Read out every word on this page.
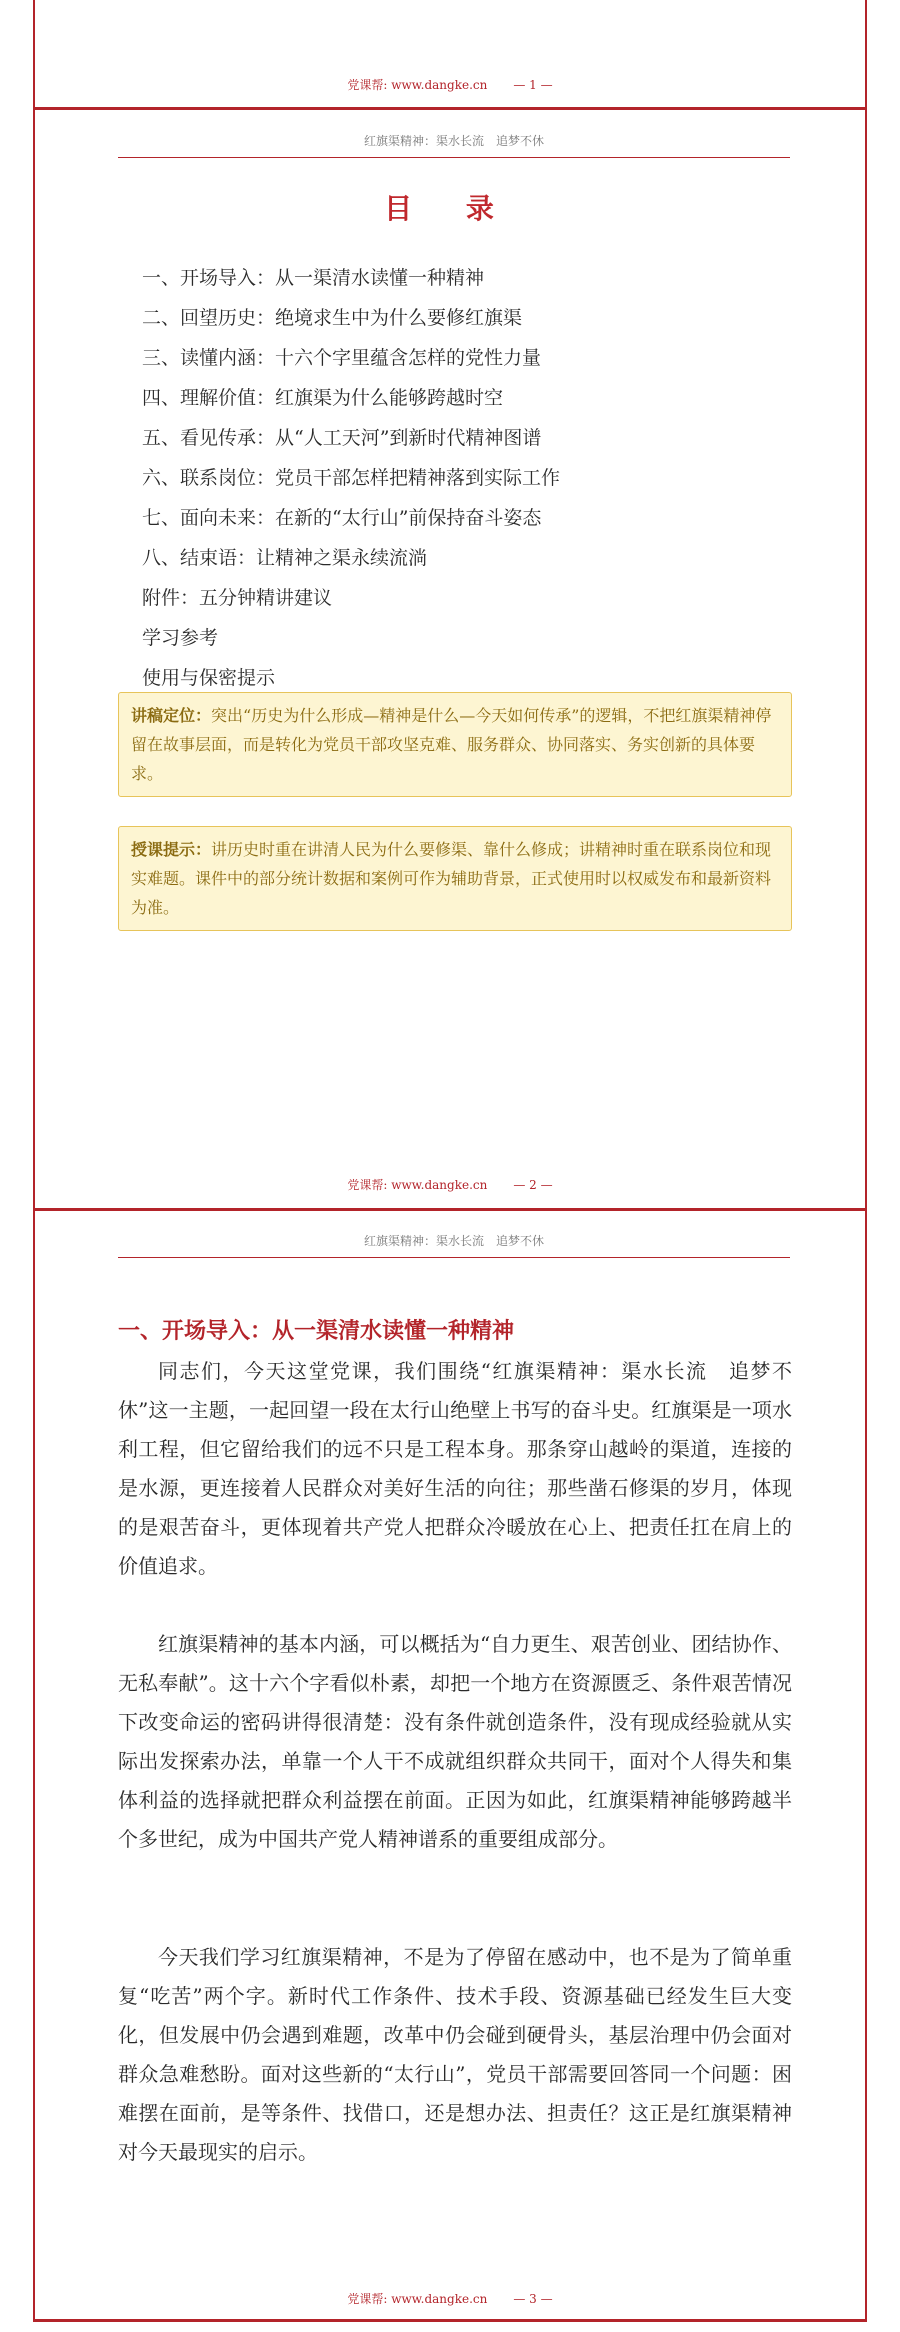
党课帮: www.dangke.cn — 1 —
红旗渠精神：渠水长流　追梦不休
目 录
一、开场导入：从一渠清水读懂一种精神
二、回望历史：绝境求生中为什么要修红旗渠
三、读懂内涵：十六个字里蕴含怎样的党性力量
四、理解价值：红旗渠为什么能够跨越时空
五、看见传承：从“人工天河”到新时代精神图谱
六、联系岗位：党员干部怎样把精神落到实际工作
七、面向未来：在新的“太行山”前保持奋斗姿态
八、结束语：让精神之渠永续流淌
附件：五分钟精讲建议
学习参考
使用与保密提示
讲稿定位：突出“历史为什么形成—精神是什么—今天如何传承”的逻辑，不把红旗渠精神停留在故事层面，而是转化为党员干部攻坚克难、服务群众、协同落实、务实创新的具体要求。
授课提示：讲历史时重在讲清人民为什么要修渠、靠什么修成；讲精神时重在联系岗位和现实难题。课件中的部分统计数据和案例可作为辅助背景，正式使用时以权威发布和最新资料为准。
党课帮: www.dangke.cn — 2 —
红旗渠精神：渠水长流　追梦不休
一、开场导入：从一渠清水读懂一种精神

同志们，今天这堂党课，我们围绕“红旗渠精神：渠水长流　追梦不休”这一主题，一起回望一段在太行山绝壁上书写的奋斗史。红旗渠是一项水利工程，但它留给我们的远不只是工程本身。那条穿山越岭的渠道，连接的是水源，更连接着人民群众对美好生活的向往；那些凿石修渠的岁月，体现的是艰苦奋斗，更体现着共产党人把群众冷暖放在心上、把责任扛在肩上的价值追求。

红旗渠精神的基本内涵，可以概括为“自力更生、艰苦创业、团结协作、无私奉献”。这十六个字看似朴素，却把一个地方在资源匮乏、条件艰苦情况下改变命运的密码讲得很清楚：没有条件就创造条件，没有现成经验就从实际出发探索办法，单靠一个人干不成就组织群众共同干，面对个人得失和集体利益的选择就把群众利益摆在前面。正因为如此，红旗渠精神能够跨越半个多世纪，成为中国共产党人精神谱系的重要组成部分。

今天我们学习红旗渠精神，不是为了停留在感动中，也不是为了简单重复“吃苦”两个字。新时代工作条件、技术手段、资源基础已经发生巨大变化，但发展中仍会遇到难题，改革中仍会碰到硬骨头，基层治理中仍会面对群众急难愁盼。面对这些新的“太行山”，党员干部需要回答同一个问题：困难摆在面前，是等条件、找借口，还是想办法、担责任？这正是红旗渠精神对今天最现实的启示。

党课帮: www.dangke.cn — 3 —
